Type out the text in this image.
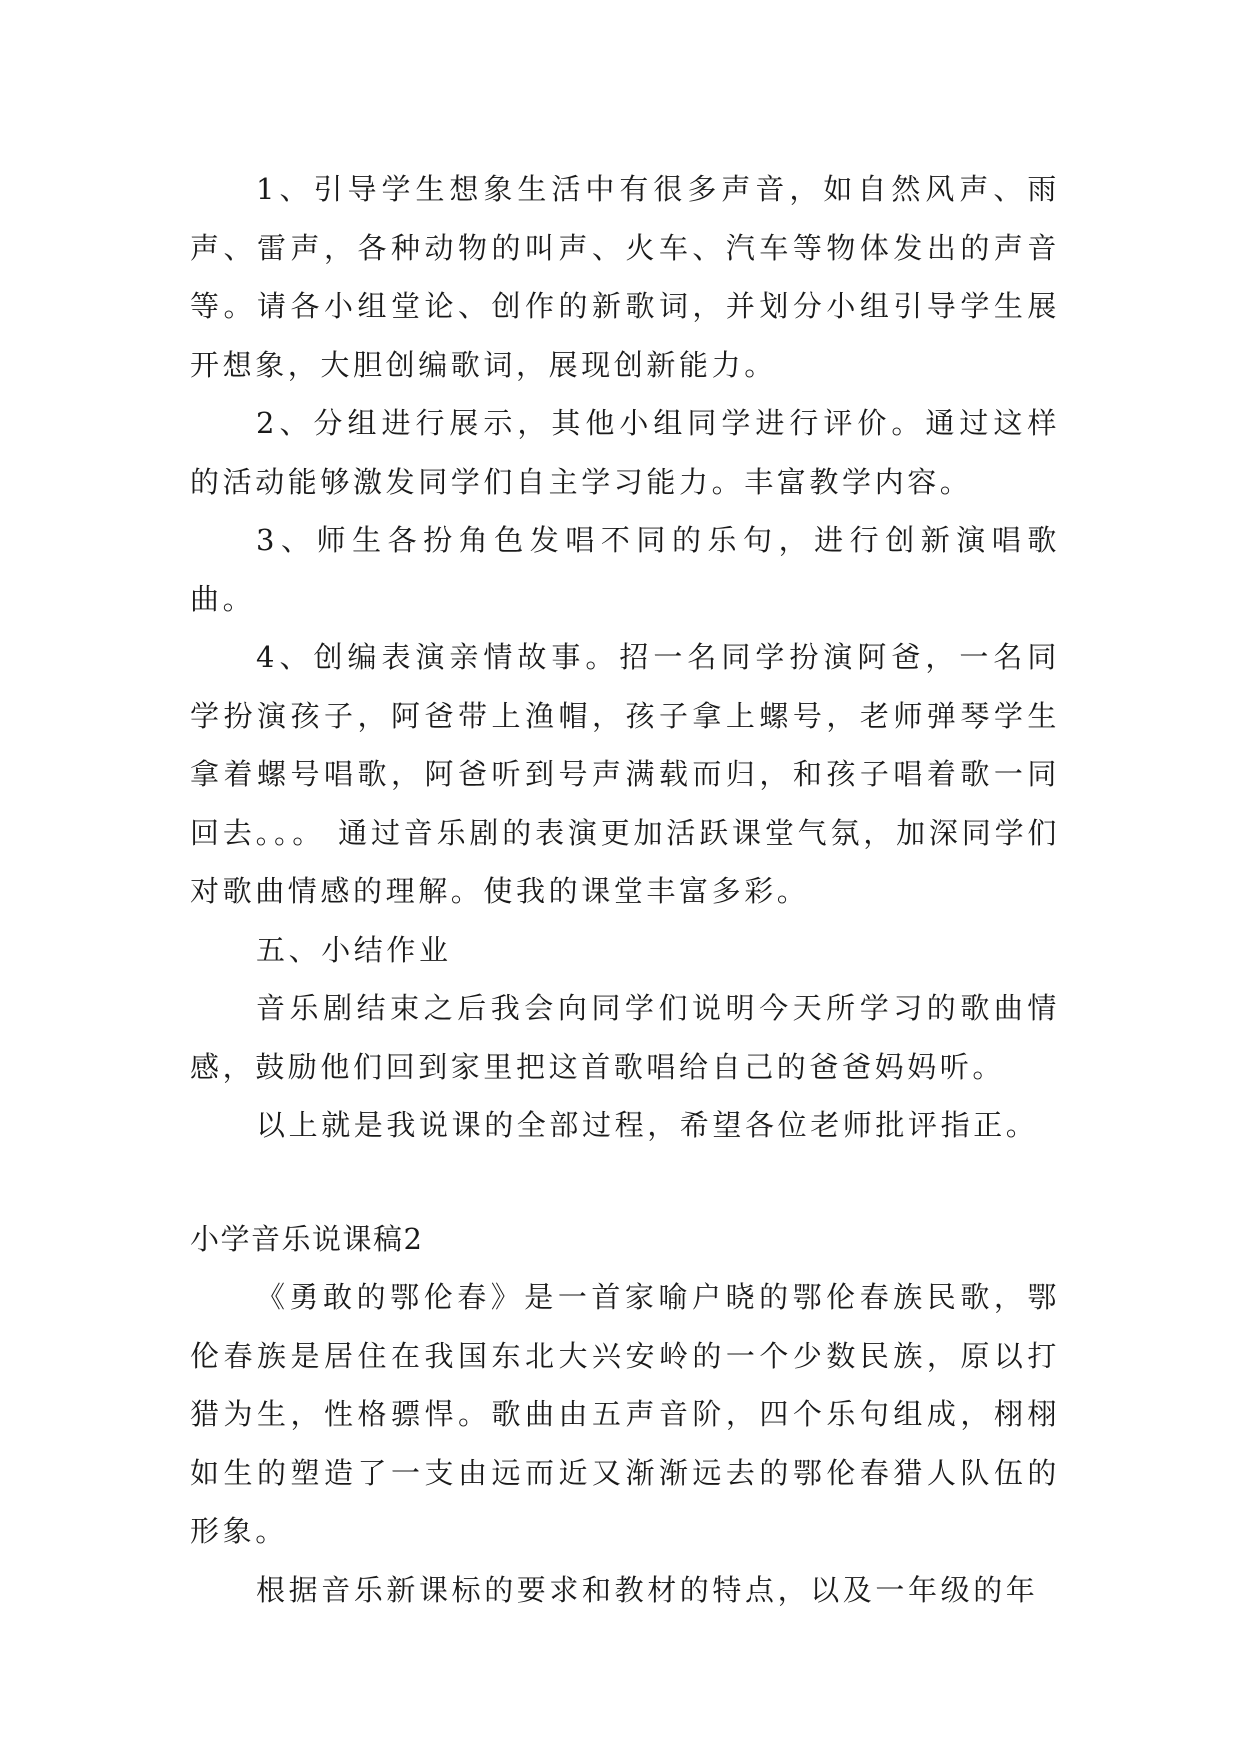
1、引导学生想象生活中有很多声音，如自然风声、雨声、雷声，各种动物的叫声、火车、汽车等物体发出的声音等。请各小组堂论、创作的新歌词，并划分小组引导学生展开想象，大胆创编歌词，展现创新能力。

2、分组进行展示，其他小组同学进行评价。通过这样的活动能够激发同学们自主学习能力。丰富教学内容。

3、师生各扮角色发唱不同的乐句，进行创新演唱歌曲。

4、创编表演亲情故事。招一名同学扮演阿爸，一名同学扮演孩子，阿爸带上渔帽，孩子拿上螺号，老师弹琴学生拿着螺号唱歌，阿爸听到号声满载而归，和孩子唱着歌一同回去。。。 通过音乐剧的表演更加活跃课堂气氛，加深同学们对歌曲情感的理解。使我的课堂丰富多彩。

五、小结作业

音乐剧结束之后我会向同学们说明今天所学习的歌曲情感，鼓励他们回到家里把这首歌唱给自己的爸爸妈妈听。

以上就是我说课的全部过程，希望各位老师批评指正。

小学音乐说课稿2

《勇敢的鄂伦春》是一首家喻户晓的鄂伦春族民歌，鄂伦春族是居住在我国东北大兴安岭的一个少数民族，原以打猎为生，性格骠悍。歌曲由五声音阶，四个乐句组成，栩栩如生的塑造了一支由远而近又渐渐远去的鄂伦春猎人队伍的形象。

根据音乐新课标的要求和教材的特点，以及一年级的年
